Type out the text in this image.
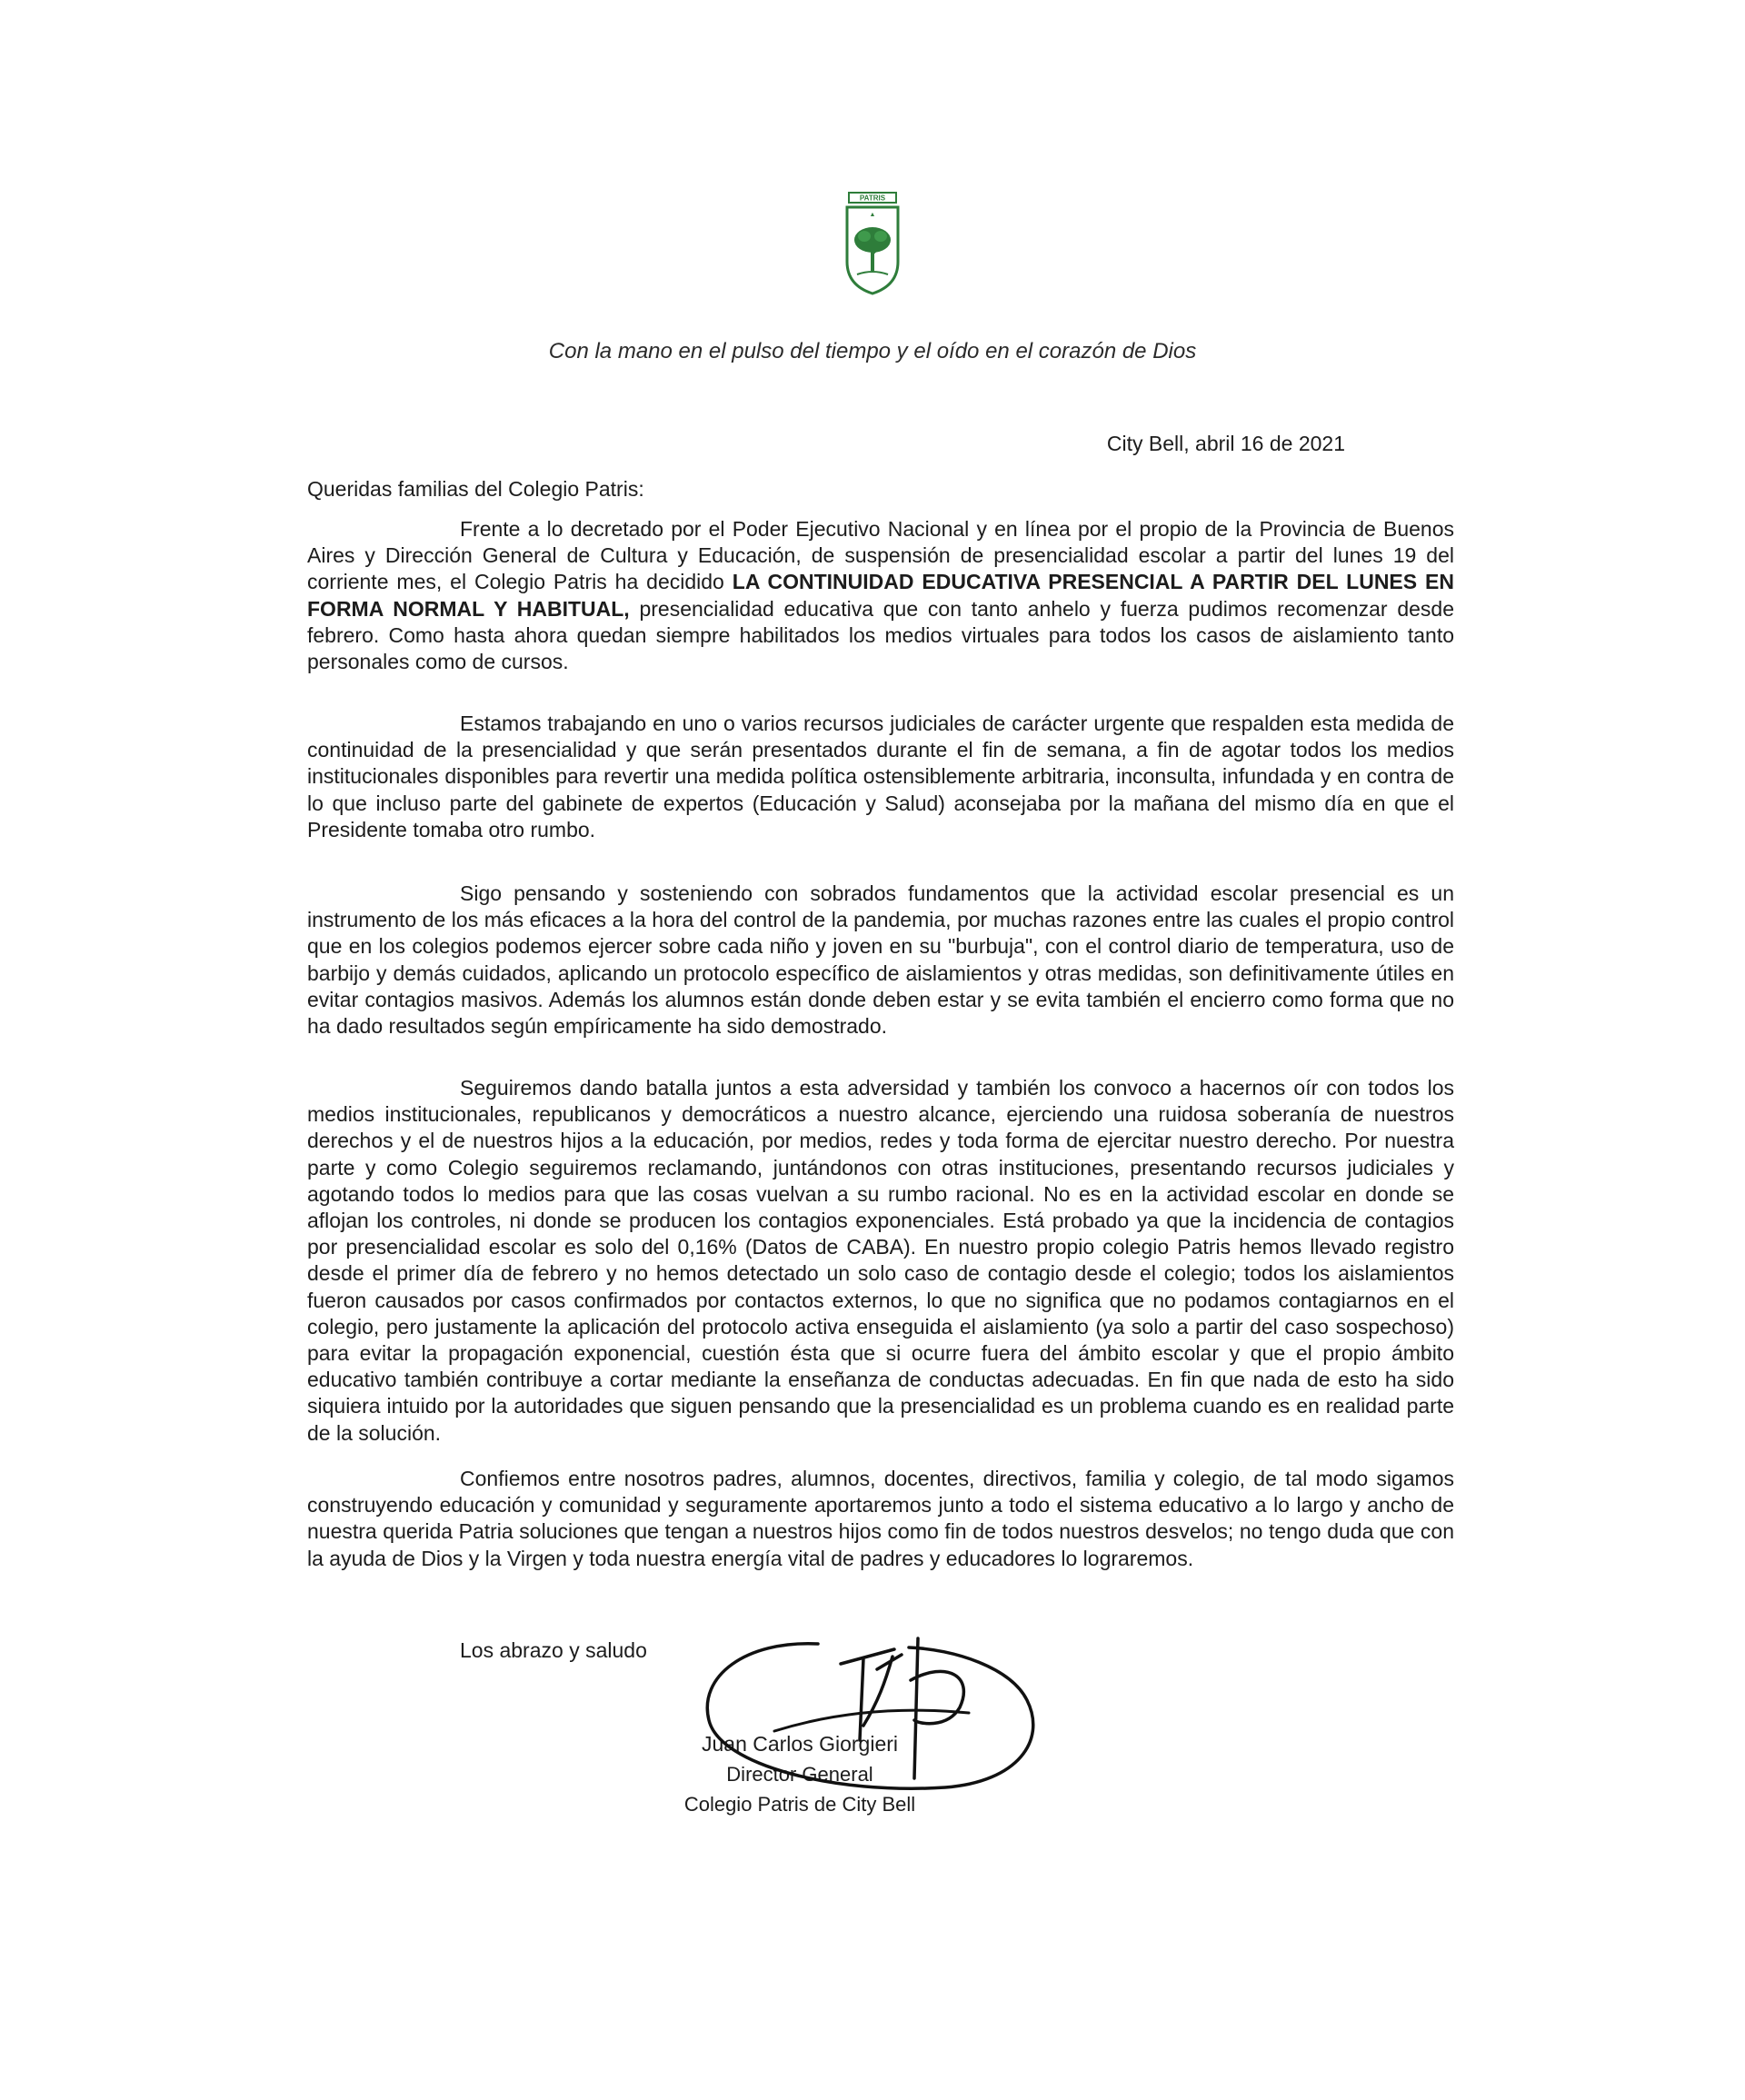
PATRIS
▲
Con la mano en el pulso del tiempo y el oído en el corazón de Dios
City Bell, abril 16 de 2021
Queridas familias del Colegio Patris:

Frente a lo decretado por el Poder Ejecutivo Nacional y en línea por el propio de la Provincia de Buenos Aires y Dirección General de Cultura y Educación, de suspensión de presencialidad escolar a partir del lunes 19 del corriente mes, el Colegio Patris ha decidido LA CONTINUIDAD EDUCATIVA PRESENCIAL A PARTIR DEL LUNES EN FORMA NORMAL Y HABITUAL, presencialidad educativa que con tanto anhelo y fuerza pudimos recomenzar desde febrero. Como hasta ahora quedan siempre habilitados los medios virtuales para todos los casos de aislamiento tanto personales como de cursos.

Estamos trabajando en uno o varios recursos judiciales de carácter urgente que respalden esta medida de continuidad de la presencialidad y que serán presentados durante el fin de semana, a fin de agotar todos los medios institucionales disponibles para revertir una medida política ostensiblemente arbitraria, inconsulta, infundada y en contra de lo que incluso parte del gabinete de expertos (Educación y Salud) aconsejaba por la mañana del mismo día en que el Presidente tomaba otro rumbo.

Sigo pensando y sosteniendo con sobrados fundamentos que la actividad escolar presencial es un instrumento de los más eficaces a la hora del control de la pandemia, por muchas razones entre las cuales el propio control que en los colegios podemos ejercer sobre cada niño y joven en su "burbuja", con el control diario de temperatura, uso de barbijo y demás cuidados, aplicando un protocolo específico de aislamientos y otras medidas, son definitivamente útiles en evitar contagios masivos. Además los alumnos están donde deben estar y se evita también el encierro como forma que no ha dado resultados según empíricamente ha sido demostrado.

Seguiremos dando batalla juntos a esta adversidad y también los convoco a hacernos oír con todos los medios institucionales, republicanos y democráticos a nuestro alcance, ejerciendo una ruidosa soberanía de nuestros derechos y el de nuestros hijos a la educación, por medios, redes y toda forma de ejercitar nuestro derecho. Por nuestra parte y como Colegio seguiremos reclamando, juntándonos con otras instituciones, presentando recursos judiciales y agotando todos lo medios para que las cosas vuelvan a su rumbo racional. No es en la actividad escolar en donde se aflojan los controles, ni donde se producen los contagios exponenciales. Está probado ya que la incidencia de contagios por presencialidad escolar es solo del 0,16% (Datos de CABA). En nuestro propio colegio Patris hemos llevado registro desde el primer día de febrero y no hemos detectado un solo caso de contagio desde el colegio; todos los aislamientos fueron causados por casos confirmados por contactos externos, lo que no significa que no podamos contagiarnos en el colegio, pero justamente la aplicación del protocolo activa enseguida el aislamiento (ya solo a partir del caso sospechoso) para evitar la propagación exponencial, cuestión ésta que si ocurre fuera del ámbito escolar y que el propio ámbito educativo también contribuye a cortar mediante la enseñanza de conductas adecuadas. En fin que nada de esto ha sido siquiera intuido por la autoridades que siguen pensando que la presencialidad es un problema cuando es en realidad parte de la solución.

Confiemos entre nosotros padres, alumnos, docentes, directivos, familia y colegio, de tal modo sigamos construyendo educación y comunidad y seguramente aportaremos junto a todo el sistema educativo a lo largo y ancho de nuestra querida Patria soluciones que tengan a nuestros hijos como fin de todos nuestros desvelos; no tengo duda que con la ayuda de Dios y la Virgen y toda nuestra energía vital de padres y educadores lo lograremos.

Los abrazo y saludo
Juan Carlos Giorgieri
Director General
Colegio Patris de City Bell
